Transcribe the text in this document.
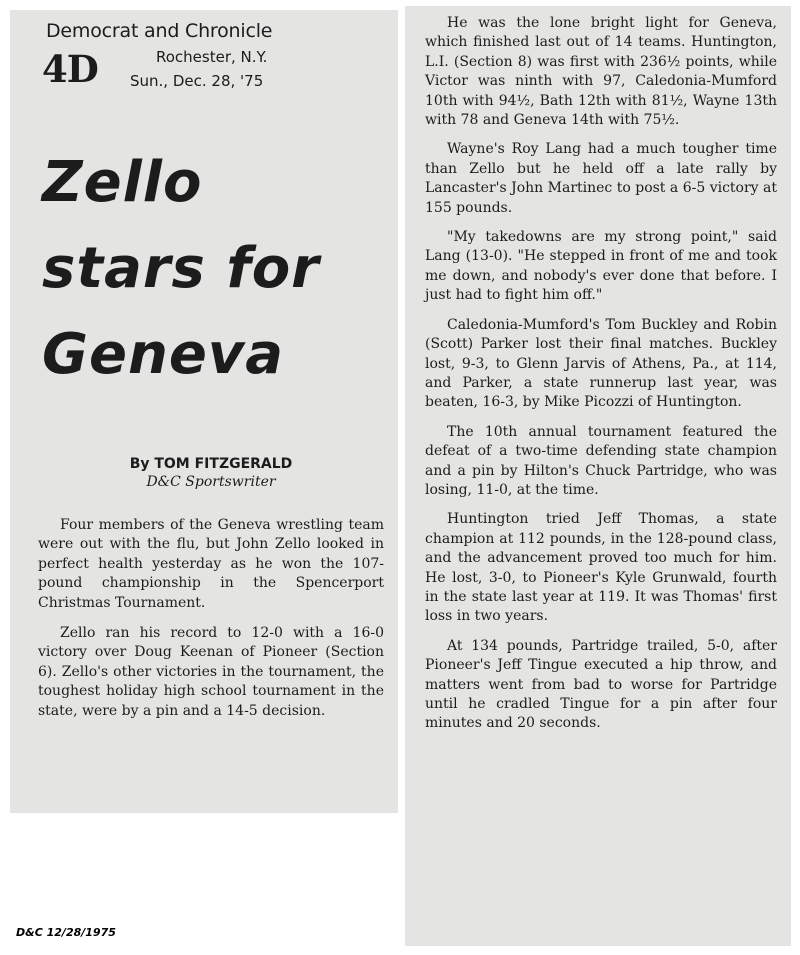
Democrat and Chronicle
4D	Rochester, N.Y.
Sun., Dec. 28, '75
Zello
stars for
Geneva
By TOM FITZGERALD
D&C Sportswriter

Four members of the Geneva wrestling team were out with the flu, but John Zello looked in perfect health yesterday as he won the 107-pound championship in the Spencerport Christmas Tournament.

Zello ran his record to 12-0 with a 16-0 victory over Doug Keenan of Pioneer (Section 6). Zello's other victories in the tournament, the toughest holiday high school tournament in the state, were by a pin and a 14-5 decision.

He was the lone bright light for Geneva, which finished last out of 14 teams. Huntington, L.I. (Section 8) was first with 236½ points, while Victor was ninth with 97, Caledonia-Mumford 10th with 94½, Bath 12th with 81½, Wayne 13th with 78 and Geneva 14th with 75½.

Wayne's Roy Lang had a much tougher time than Zello but he held off a late rally by Lancaster's John Martinec to post a 6-5 victory at 155 pounds.

"My takedowns are my strong point," said Lang (13-0). "He stepped in front of me and took me down, and nobody's ever done that before. I just had to fight him off."

Caledonia-Mumford's Tom Buckley and Robin (Scott) Parker lost their final matches. Buckley lost, 9-3, to Glenn Jarvis of Athens, Pa., at 114, and Parker, a state runnerup last year, was beaten, 16-3, by Mike Picozzi of Huntington.

The 10th annual tournament featured the defeat of a two-time defending state champion and a pin by Hilton's Chuck Partridge, who was losing, 11-0, at the time.

Huntington tried Jeff Thomas, a state champion at 112 pounds, in the 128-pound class, and the advancement proved too much for him. He lost, 3-0, to Pioneer's Kyle Grunwald, fourth in the state last year at 119. It was Thomas' first loss in two years.

At 134 pounds, Partridge trailed, 5-0, after Pioneer's Jeff Tingue executed a hip throw, and matters went from bad to worse for Partridge until he cradled Tingue for a pin after four minutes and 20 seconds.

D&C 12/28/1975
